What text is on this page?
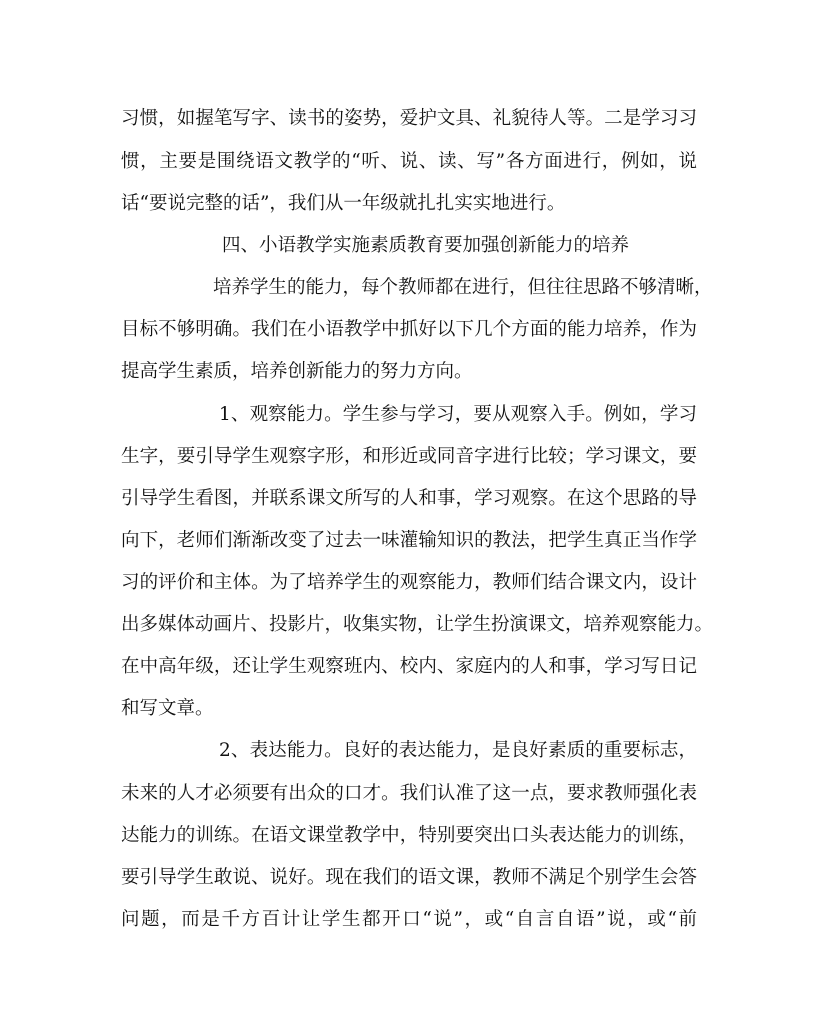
习惯，如握笔写字、读书的姿势，爱护文具、礼貌待人等。二是学习习
惯，主要是围绕语文教学的“听、说、读、写”各方面进行，例如，说
话“要说完整的话”，我们从一年级就扎扎实实地进行。
四、小语教学实施素质教育要加强创新能力的培养
培养学生的能力，每个教师都在进行，但往往思路不够清晰，
目标不够明确。我们在小语教学中抓好以下几个方面的能力培养，作为
提高学生素质，培养创新能力的努力方向。
1、观察能力。学生参与学习，要从观察入手。例如，学习
生字，要引导学生观察字形，和形近或同音字进行比较；学习课文，要
引导学生看图，并联系课文所写的人和事，学习观察。在这个思路的导
向下，老师们渐渐改变了过去一味灌输知识的教法，把学生真正当作学
习的评价和主体。为了培养学生的观察能力，教师们结合课文内，设计
出多媒体动画片、投影片，收集实物，让学生扮演课文，培养观察能力。
在中高年级，还让学生观察班内、校内、家庭内的人和事，学习写日记
和写文章。
2、表达能力。良好的表达能力，是良好素质的重要标志，
未来的人才必须要有出众的口才。我们认准了这一点，要求教师强化表
达能力的训练。在语文课堂教学中，特别要突出口头表达能力的训练，
要引导学生敢说、说好。现在我们的语文课，教师不满足个别学生会答
问题，而是千方百计让学生都开口“说”，或“自言自语”说，或“前
